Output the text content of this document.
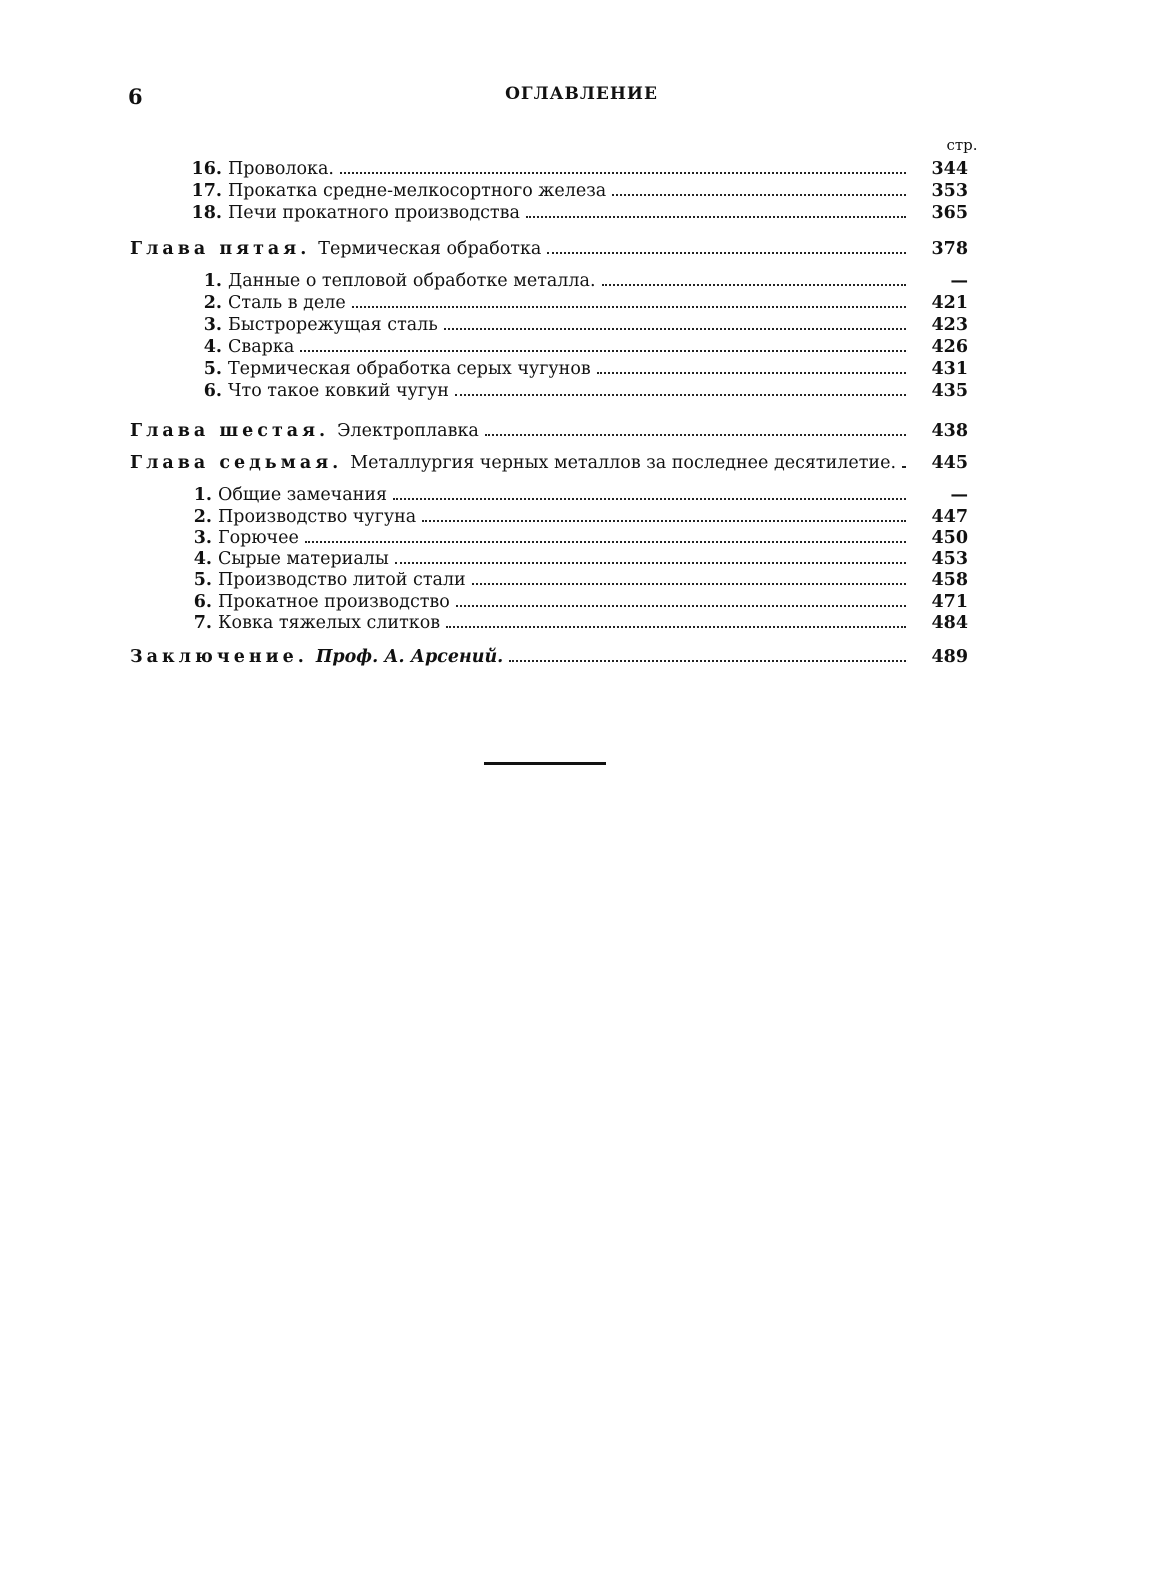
6	ОГЛАВЛЕНИЕ
стр.
16. Проволока.	344
17. Прокатка средне-мелкосортного железа	353
18. Печи прокатного производства	365
Глава пятая. Термическая обработка	378
1. Данные о тепловой обработке металла.	—
2. Сталь в деле	421
3. Быстрорежущая сталь	423
4. Сварка	426
5. Термическая обработка серых чугунов	431
6. Что такое ковкий чугун	435
Глава шестая. Электроплавка	438
Глава седьмая. Металлургия черных металлов за последнее десятилетие.	445
1. Общие замечания	—
2. Производство чугуна	447
3. Горючее	450
4. Сырые материалы	453
5. Производство литой стали	458
6. Прокатное производство	471
7. Ковка тяжелых слитков	484
Заключение. Проф. А. Арсений.	489
